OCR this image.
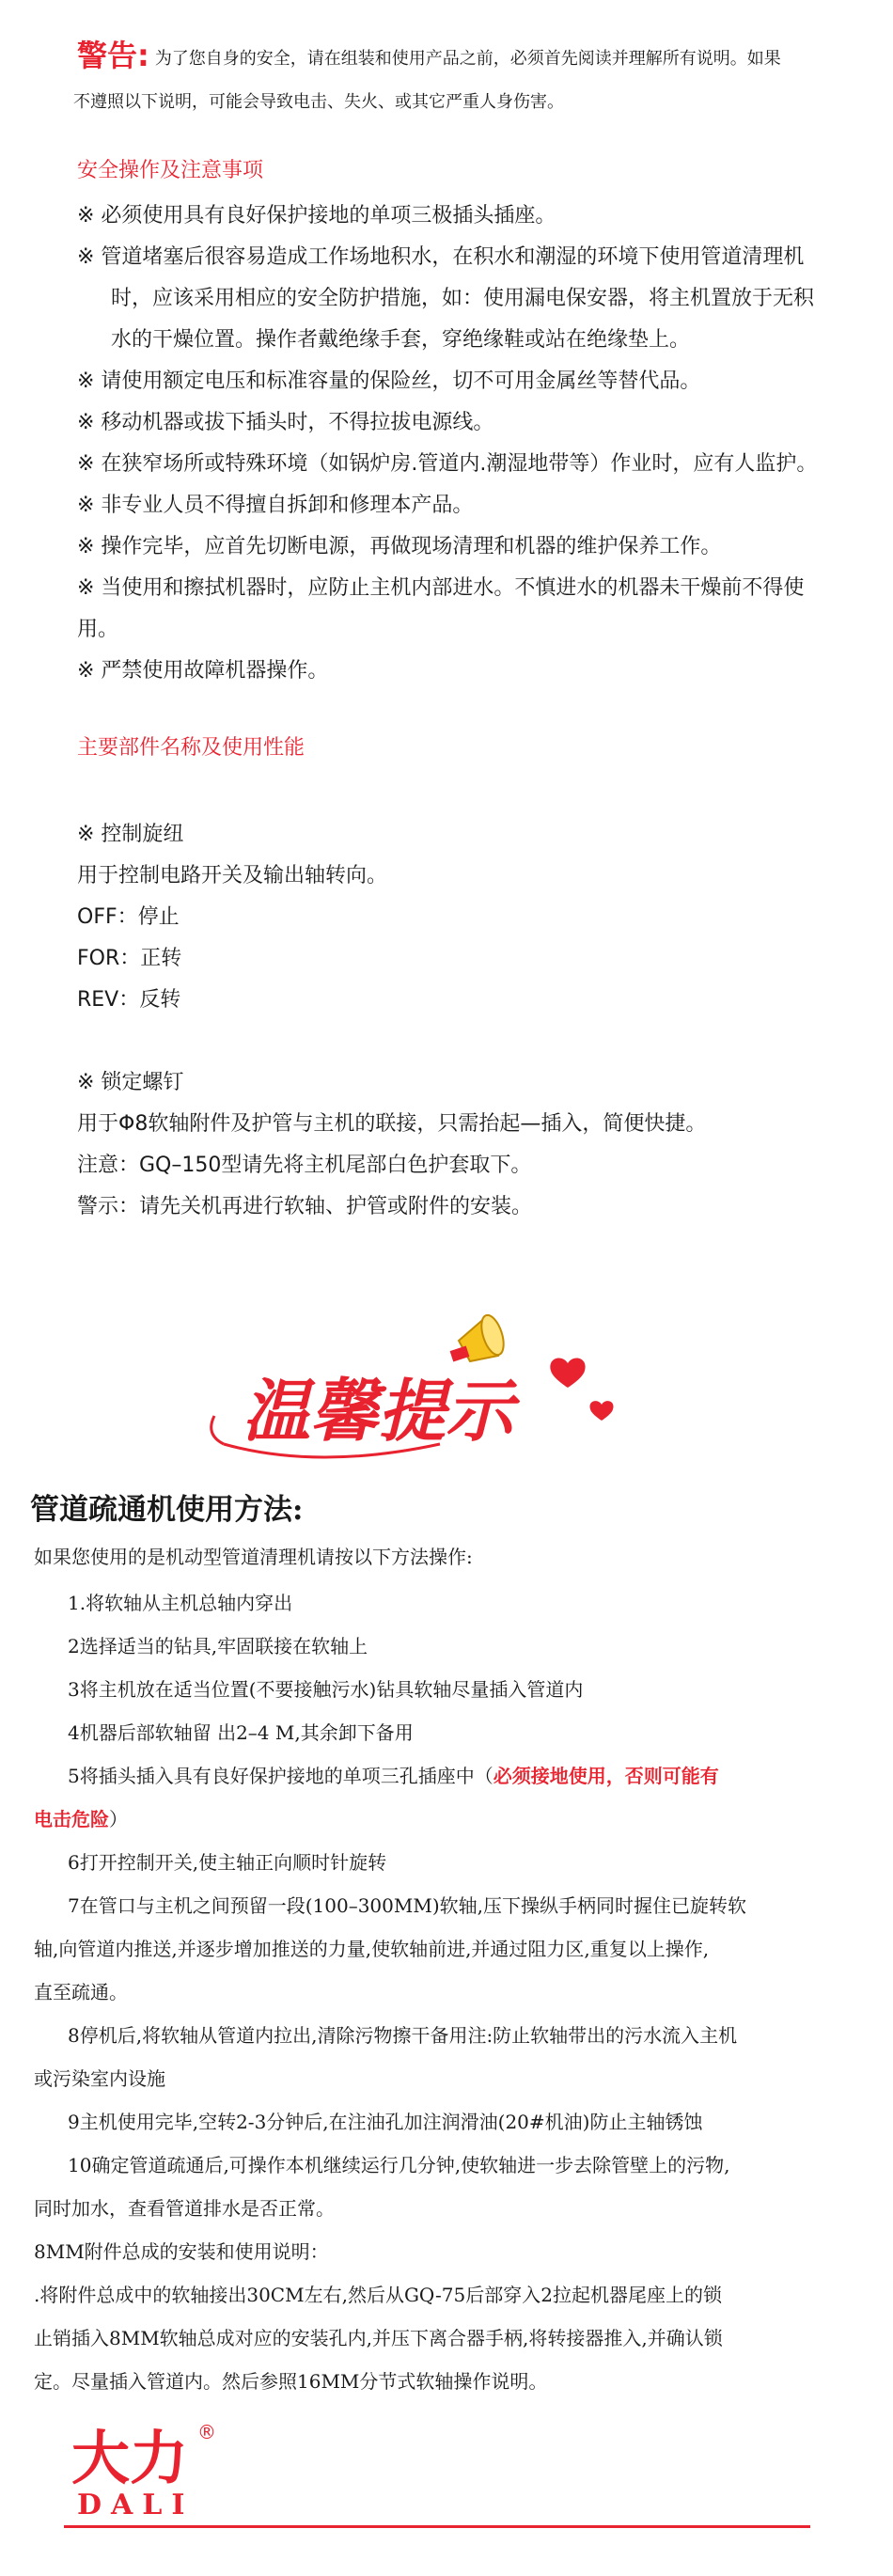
警告: 为了您自身的安全，请在组装和使用产品之前，必须首先阅读并理解所有说明。如果
不遵照以下说明，可能会导致电击、失火、或其它严重人身伤害。
安全操作及注意事项
※ 必须使用具有良好保护接地的单项三极插头插座。
※ 管道堵塞后很容易造成工作场地积水，在积水和潮湿的环境下使用管道清理机
时，应该采用相应的安全防护措施，如：使用漏电保安器，将主机置放于无积
水的干燥位置。操作者戴绝缘手套，穿绝缘鞋或站在绝缘垫上。
※ 请使用额定电压和标准容量的保险丝，切不可用金属丝等替代品。
※ 移动机器或拔下插头时，不得拉拔电源线。
※ 在狭窄场所或特殊环境（如锅炉房.管道内.潮湿地带等）作业时，应有人监护。
※ 非专业人员不得擅自拆卸和修理本产品。
※ 操作完毕，应首先切断电源，再做现场清理和机器的维护保养工作。
※ 当使用和擦拭机器时，应防止主机内部进水。不慎进水的机器未干燥前不得使
用。
※ 严禁使用故障机器操作。
主要部件名称及使用性能
※ 控制旋纽
用于控制电路开关及输出轴转向。
OFF：停止
FOR：正转
REV：反转
※ 锁定螺钉
用于Φ8软轴附件及护管与主机的联接，只需抬起—插入，简便快捷。
注意：GQ–150型请先将主机尾部白色护套取下。
警示：请先关机再进行软轴、护管或附件的安装。
温馨提示
管道疏通机使用方法:
如果您使用的是机动型管道清理机请按以下方法操作:
1.将软轴从主机总轴内穿出
2选择适当的钻具,牢固联接在软轴上
3将主机放在适当位置(不要接触污水)钻具软轴尽量插入管道内
4机器后部软轴留 出2–4 M,其余卸下备用
5将插头插入具有良好保护接地的单项三孔插座中（必须接地使用，否则可能有
电击危险）
6打开控制开关,使主轴正向顺时针旋转
7在管口与主机之间预留一段(100–300MM)软轴,压下操纵手柄同时握住已旋转软
轴,向管道内推送,并逐步增加推送的力量,使软轴前进,并通过阻力区,重复以上操作,
直至疏通。
8停机后,将软轴从管道内拉出,清除污物擦干备用注:防止软轴带出的污水流入主机
或污染室内设施
9主机使用完毕,空转2-3分钟后,在注油孔加注润滑油(20#机油)防止主轴锈蚀
10确定管道疏通后,可操作本机继续运行几分钟,使软轴进一步去除管壁上的污物,
同时加水，查看管道排水是否正常。
8MM附件总成的安装和使用说明：
.将附件总成中的软轴接出30CM左右,然后从GQ-75后部穿入2拉起机器尾座上的锁
止销插入8MM软轴总成对应的安装孔内,并压下离合器手柄,将转接器推入,并确认锁
定。尽量插入管道内。然后参照16MM分节式软轴操作说明。
大力 ®
DALI
